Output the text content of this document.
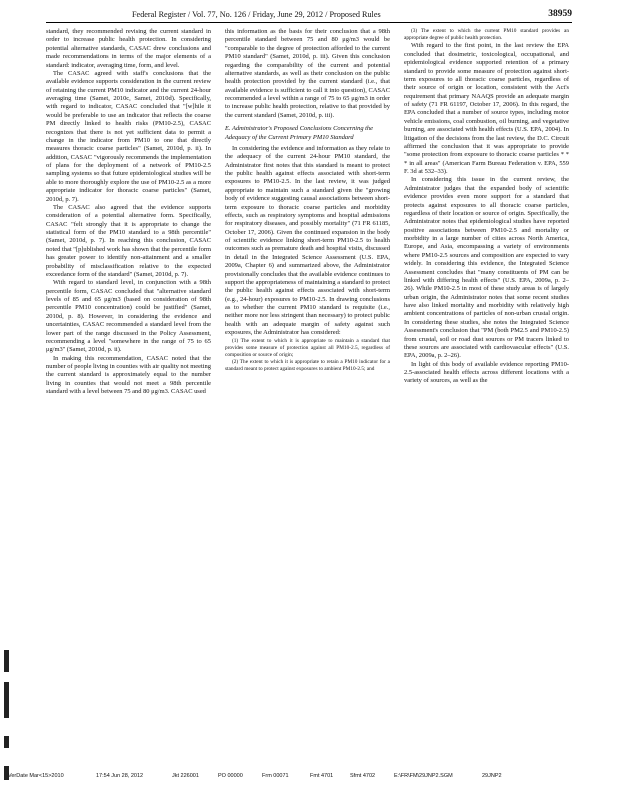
Federal Register / Vol. 77, No. 126 / Friday, June 29, 2012 / Proposed Rules	38959

standard, they recommended revising the current standard in order to increase public health protection. In considering potential alternative standards, CASAC drew conclusions and made recommendations in terms of the major elements of a standard: indicator, averaging time, form, and level.

The CASAC agreed with staff's conclusions that the available evidence supports consideration in the current review of retaining the current PM10 indicator and the current 24-hour averaging time (Samet, 2010c, Samet, 2010d). Specifically, with regard to indicator, CASAC concluded that "[w]hile it would be preferable to use an indicator that reflects the coarse PM directly linked to health risks (PM10-2.5), CASAC recognizes that there is not yet sufficient data to permit a change in the indicator from PM10 to one that directly measures thoracic coarse particles" (Samet, 2010d, p. ii). In addition, CASAC "vigorously recommends the implementation of plans for the deployment of a network of PM10-2.5 sampling systems so that future epidemiological studies will be able to more thoroughly explore the use of PM10-2.5 as a more appropriate indicator for thoracic coarse particles" (Samet, 2010d, p. 7).

The CASAC also agreed that the evidence supports consideration of a potential alternative form. Specifically, CASAC "felt strongly that it is appropriate to change the statistical form of the PM10 standard to a 98th percentile" (Samet, 2010d, p. 7). In reaching this conclusion, CASAC noted that "[p]ublished work has shown that the percentile form has greater power to identify non-attainment and a smaller probability of misclassification relative to the expected exceedance form of the standard" (Samet, 2010d, p. 7).

With regard to standard level, in conjunction with a 98th percentile form, CASAC concluded that "alternative standard levels of 85 and 65 μg/m3 (based on consideration of 98th percentile PM10 concentration) could be justified" (Samet, 2010d, p. 8). However, in considering the evidence and uncertainties, CASAC recommended a standard level from the lower part of the range discussed in the Policy Assessment, recommending a level "somewhere in the range of 75 to 65 μg/m3" (Samet, 2010d, p. ii).

In making this recommendation, CASAC noted that the number of people living in counties with air quality not meeting the current standard is approximately equal to the number living in counties that would not meet a 98th percentile standard with a level between 75 and 80 μg/m3. CASAC used

this information as the basis for their conclusion that a 98th percentile standard between 75 and 80 μg/m3 would be "comparable to the degree of protection afforded to the current PM10 standard" (Samet, 2010d, p. iii). Given this conclusion regarding the comparability of the current and potential alternative standards, as well as their conclusion on the public health protection provided by the current standard (i.e., that available evidence is sufficient to call it into question), CASAC recommended a level within a range of 75 to 65 μg/m3 in order to increase public health protection, relative to that provided by the current standard (Samet, 2010d, p. iii).

E. Administrator's Proposed Conclusions Concerning the Adequacy of the Current Primary PM10 Standard

In considering the evidence and information as they relate to the adequacy of the current 24-hour PM10 standard, the Administrator first notes that this standard is meant to protect the public health against effects associated with short-term exposures to PM10-2.5. In the last review, it was judged appropriate to maintain such a standard given the "growing body of evidence suggesting causal associations between short-term exposure to thoracic coarse particles and morbidity effects, such as respiratory symptoms and hospital admissions for respiratory diseases, and possibly mortality" (71 FR 61185, October 17, 2006). Given the continued expansion in the body of scientific evidence linking short-term PM10-2.5 to health outcomes such as premature death and hospital visits, discussed in detail in the Integrated Science Assessment (U.S. EPA, 2009a, Chapter 6) and summarized above, the Administrator provisionally concludes that the available evidence continues to support the appropriateness of maintaining a standard to protect the public health against effects associated with short-term (e.g., 24-hour) exposures to PM10-2.5. In drawing conclusions as to whether the current PM10 standard is requisite (i.e., neither more nor less stringent than necessary) to protect public health with an adequate margin of safety against such exposures, the Administrator has considered:

(1) The extent to which it is appropriate to maintain a standard that provides some measure of protection against all PM10-2.5, regardless of composition or source of origin;

(2) The extent to which it is appropriate to retain a PM10 indicator for a standard meant to protect against exposures to ambient PM10-2.5; and

(3) The extent to which the current PM10 standard provides an appropriate degree of public health protection.

With regard to the first point, in the last review the EPA concluded that dosimetric, toxicological, occupational, and epidemiological evidence supported retention of a primary standard to provide some measure of protection against short-term exposures to all thoracic coarse particles, regardless of their source of origin or location, consistent with the Act's requirement that primary NAAQS provide an adequate margin of safety (71 FR 61197, October 17, 2006). In this regard, the EPA concluded that a number of source types, including motor vehicle emissions, coal combustion, oil burning, and vegetative burning, are associated with health effects (U.S. EPA, 2004). In litigation of the decisions from the last review, the D.C. Circuit affirmed the conclusion that it was appropriate to provide "some protection from exposure to thoracic coarse particles * * * in all areas" (American Farm Bureau Federation v. EPA, 559 F. 3d at 532–33).

In considering this issue in the current review, the Administrator judges that the expanded body of scientific evidence provides even more support for a standard that protects against exposures to all thoracic coarse particles, regardless of their location or source of origin. Specifically, the Administrator notes that epidemiological studies have reported positive associations between PM10-2.5 and mortality or morbidity in a large number of cities across North America, Europe, and Asia, encompassing a variety of environments where PM10-2.5 sources and composition are expected to vary widely. In considering this evidence, the Integrated Science Assessment concludes that "many constituents of PM can be linked with differing health effects" (U.S. EPA, 2009a, p. 2–26). While PM10-2.5 in most of these study areas is of largely urban origin, the Administrator notes that some recent studies have also linked mortality and morbidity with relatively high ambient concentrations of particles of non-urban crustal origin. In considering these studies, she notes the Integrated Science Assessment's conclusion that "PM (both PM2.5 and PM10-2.5) from crustal, soil or road dust sources or PM tracers linked to these sources are associated with cardiovascular effects" (U.S. EPA, 2009a, p. 2–26).

In light of this body of available evidence reporting PM10-2.5-associated health effects across different locations with a variety of sources, as well as the

VerDate Mar<15>2010	17:54 Jun 28, 2012	Jkt 226001	PO 00000	Frm 00071	Fmt 4701	Sfmt 4702	E:\FR\FM\29JNP2.SGM	29JNP2
